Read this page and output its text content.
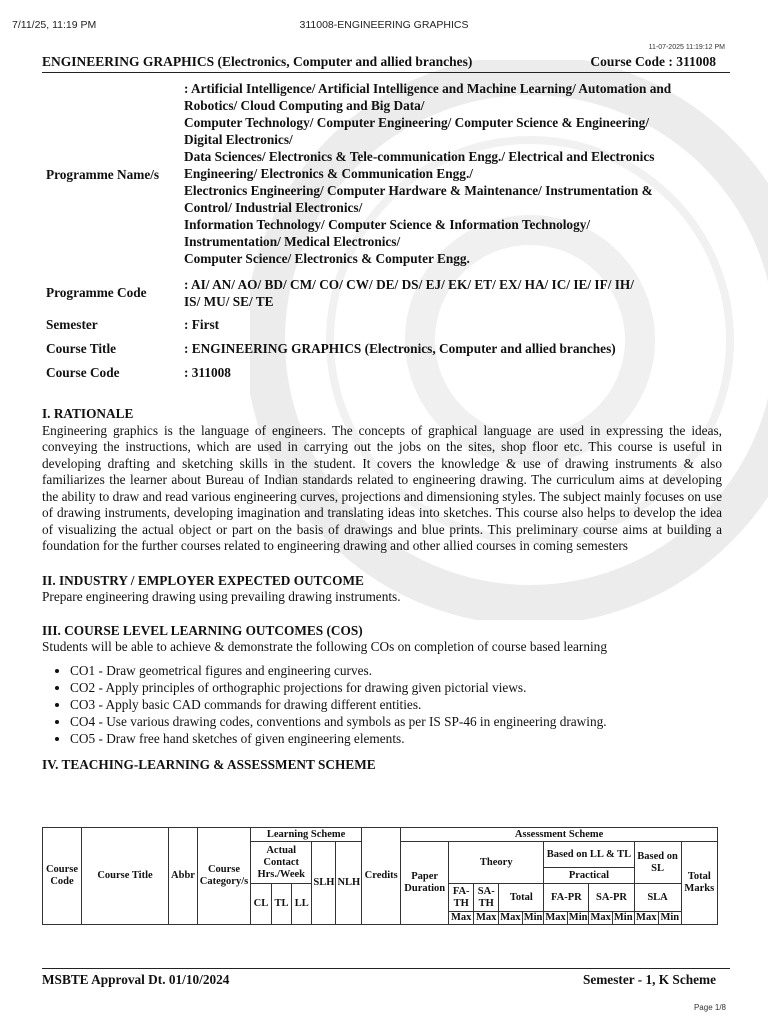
7/11/25, 11:19 PM	311008-ENGINEERING GRAPHICS
11-07-2025 11:19:12 PM
ENGINEERING GRAPHICS (Electronics, Computer and allied branches)	Course Code : 311008
Programme Name/s
: Artificial Intelligence/ Artificial Intelligence and Machine Learning/ Automation and
Robotics/ Cloud Computing and Big Data/
Computer Technology/ Computer Engineering/ Computer Science & Engineering/
Digital Electronics/
Data Sciences/ Electronics & Tele-communication Engg./ Electrical and Electronics
Engineering/ Electronics & Communication Engg./
Electronics Engineering/ Computer Hardware & Maintenance/ Instrumentation &
Control/ Industrial Electronics/
Information Technology/ Computer Science & Information Technology/
Instrumentation/ Medical Electronics/
Computer Science/ Electronics & Computer Engg.
Programme Code
: AI/ AN/ AO/ BD/ CM/ CO/ CW/ DE/ DS/ EJ/ EK/ ET/ EX/ HA/ IC/ IE/ IF/ IH/
IS/ MU/ SE/ TE
Semester	: First
Course Title	: ENGINEERING GRAPHICS (Electronics, Computer and allied branches)
Course Code	: 311008
I. RATIONALE
Engineering graphics is the language of engineers. The concepts of graphical language are used in expressing the ideas, conveying the instructions, which are used in carrying out the jobs on the sites, shop floor etc. This course is useful in developing drafting and sketching skills in the student. It covers the knowledge & use of drawing instruments & also familiarizes the learner about Bureau of Indian standards related to engineering drawing. The curriculum aims at developing the ability to draw and read various engineering curves, projections and dimensioning styles. The subject mainly focuses on use of drawing instruments, developing imagination and translating ideas into sketches. This course also helps to develop the idea of visualizing the actual object or part on the basis of drawings and blue prints. This preliminary course aims at building a foundation for the further courses related to engineering drawing and other allied courses in coming semesters
II. INDUSTRY / EMPLOYER EXPECTED OUTCOME
Prepare engineering drawing using prevailing drawing instruments.
III. COURSE LEVEL LEARNING OUTCOMES (COS)
Students will be able to achieve & demonstrate the following COs on completion of course based learning
• CO1 - Draw geometrical figures and engineering curves.
• CO2 - Apply principles of orthographic projections for drawing given pictorial views.
• CO3 - Apply basic CAD commands for drawing different entities.
• CO4 - Use various drawing codes, conventions and symbols as per IS SP-46 in engineering drawing.
• CO5 - Draw free hand sketches of given engineering elements.
IV. TEACHING-LEARNING & ASSESSMENT SCHEME
Course Code	Course Title	Abbr	Course Category/s	Learning Scheme					Credits	Assessment Scheme											
				Actual Contact Hrs./Week			SLH	NLH		Paper Duration	Theory				Based on LL & TL				Based on SL		Total Marks
															Practical						
				CL	TL	LL					FA-TH	SA-TH	Total		FA-PR		SA-PR		SLA		
											Max	Max	Max	Min	Max	Min	Max	Min	Max	Min	
MSBTE Approval Dt. 01/10/2024	Semester - 1, K Scheme
Page 1/8
